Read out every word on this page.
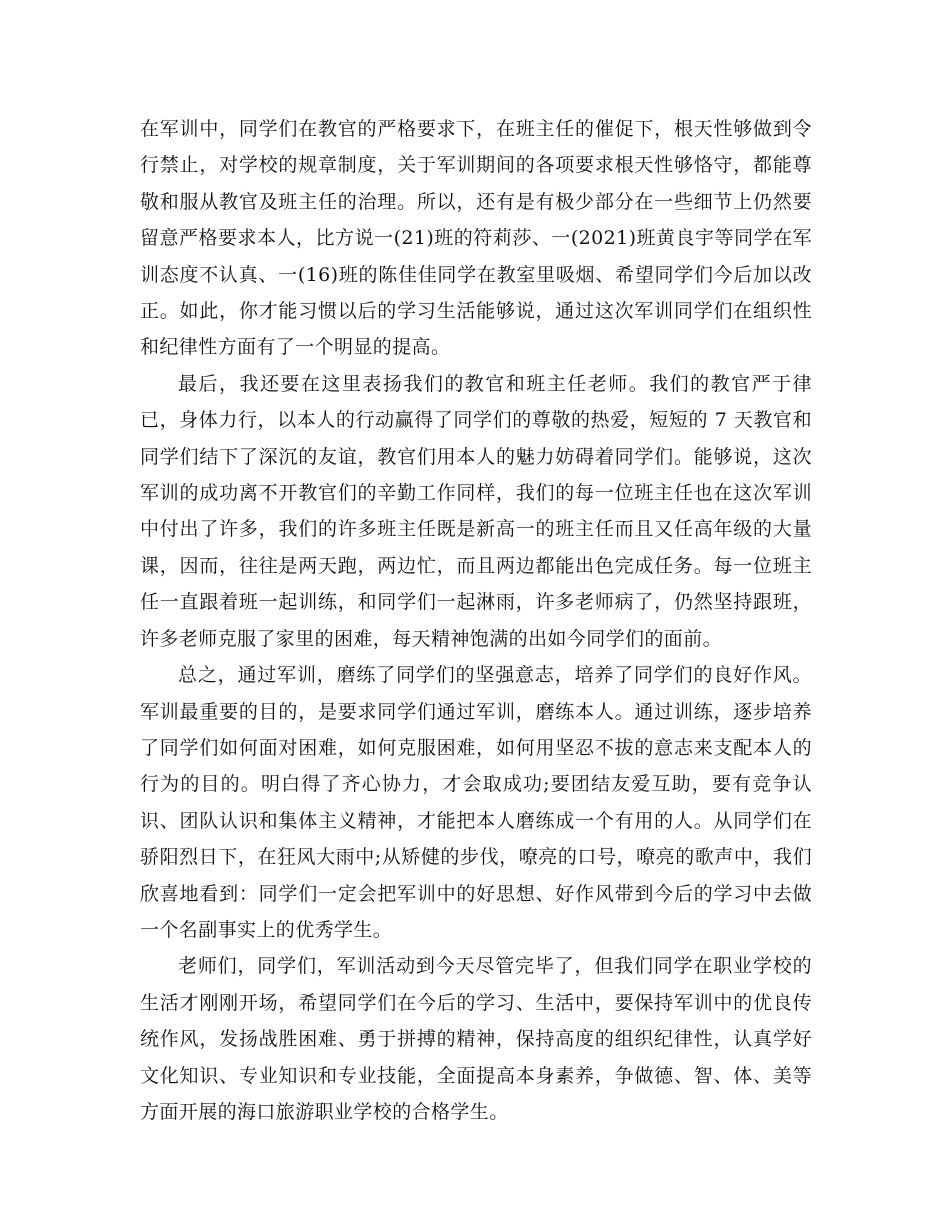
在军训中，同学们在教官的严格要求下，在班主任的催促下，根天性够做到令行禁止，对学校的规章制度，关于军训期间的各项要求根天性够恪守，都能尊敬和服从教官及班主任的治理。所以，还有是有极少部分在一些细节上仍然要留意严格要求本人，比方说一(21)班的符莉莎、一(2021)班黄良宇等同学在军训态度不认真、一(16)班的陈佳佳同学在教室里吸烟、希望同学们今后加以改正。如此，你才能习惯以后的学习生活能够说，通过这次军训同学们在组织性和纪律性方面有了一个明显的提高。

最后，我还要在这里表扬我们的教官和班主任老师。我们的教官严于律已，身体力行，以本人的行动赢得了同学们的尊敬的热爱，短短的 7 天教官和同学们结下了深沉的友谊，教官们用本人的魅力妨碍着同学们。能够说，这次军训的成功离不开教官们的辛勤工作同样，我们的每一位班主任也在这次军训中付出了许多，我们的许多班主任既是新高一的班主任而且又任高年级的大量课，因而，往往是两天跑，两边忙，而且两边都能出色完成任务。每一位班主任一直跟着班一起训练，和同学们一起淋雨，许多老师病了，仍然坚持跟班，许多老师克服了家里的困难，每天精神饱满的出如今同学们的面前。

总之，通过军训，磨练了同学们的坚强意志，培养了同学们的良好作风。军训最重要的目的，是要求同学们通过军训，磨练本人。通过训练，逐步培养了同学们如何面对困难，如何克服困难，如何用坚忍不拔的意志来支配本人的行为的目的。明白得了齐心协力，才会取成功;要团结友爱互助，要有竞争认识、团队认识和集体主义精神，才能把本人磨练成一个有用的人。从同学们在骄阳烈日下，在狂风大雨中;从矫健的步伐，嘹亮的口号，嘹亮的歌声中，我们欣喜地看到：同学们一定会把军训中的好思想、好作风带到今后的学习中去做一个名副事实上的优秀学生。

老师们，同学们，军训活动到今天尽管完毕了，但我们同学在职业学校的生活才刚刚开场，希望同学们在今后的学习、生活中，要保持军训中的优良传统作风，发扬战胜困难、勇于拼搏的精神，保持高度的组织纪律性，认真学好文化知识、专业知识和专业技能，全面提高本身素养，争做德、智、体、美等方面开展的海口旅游职业学校的合格学生。
